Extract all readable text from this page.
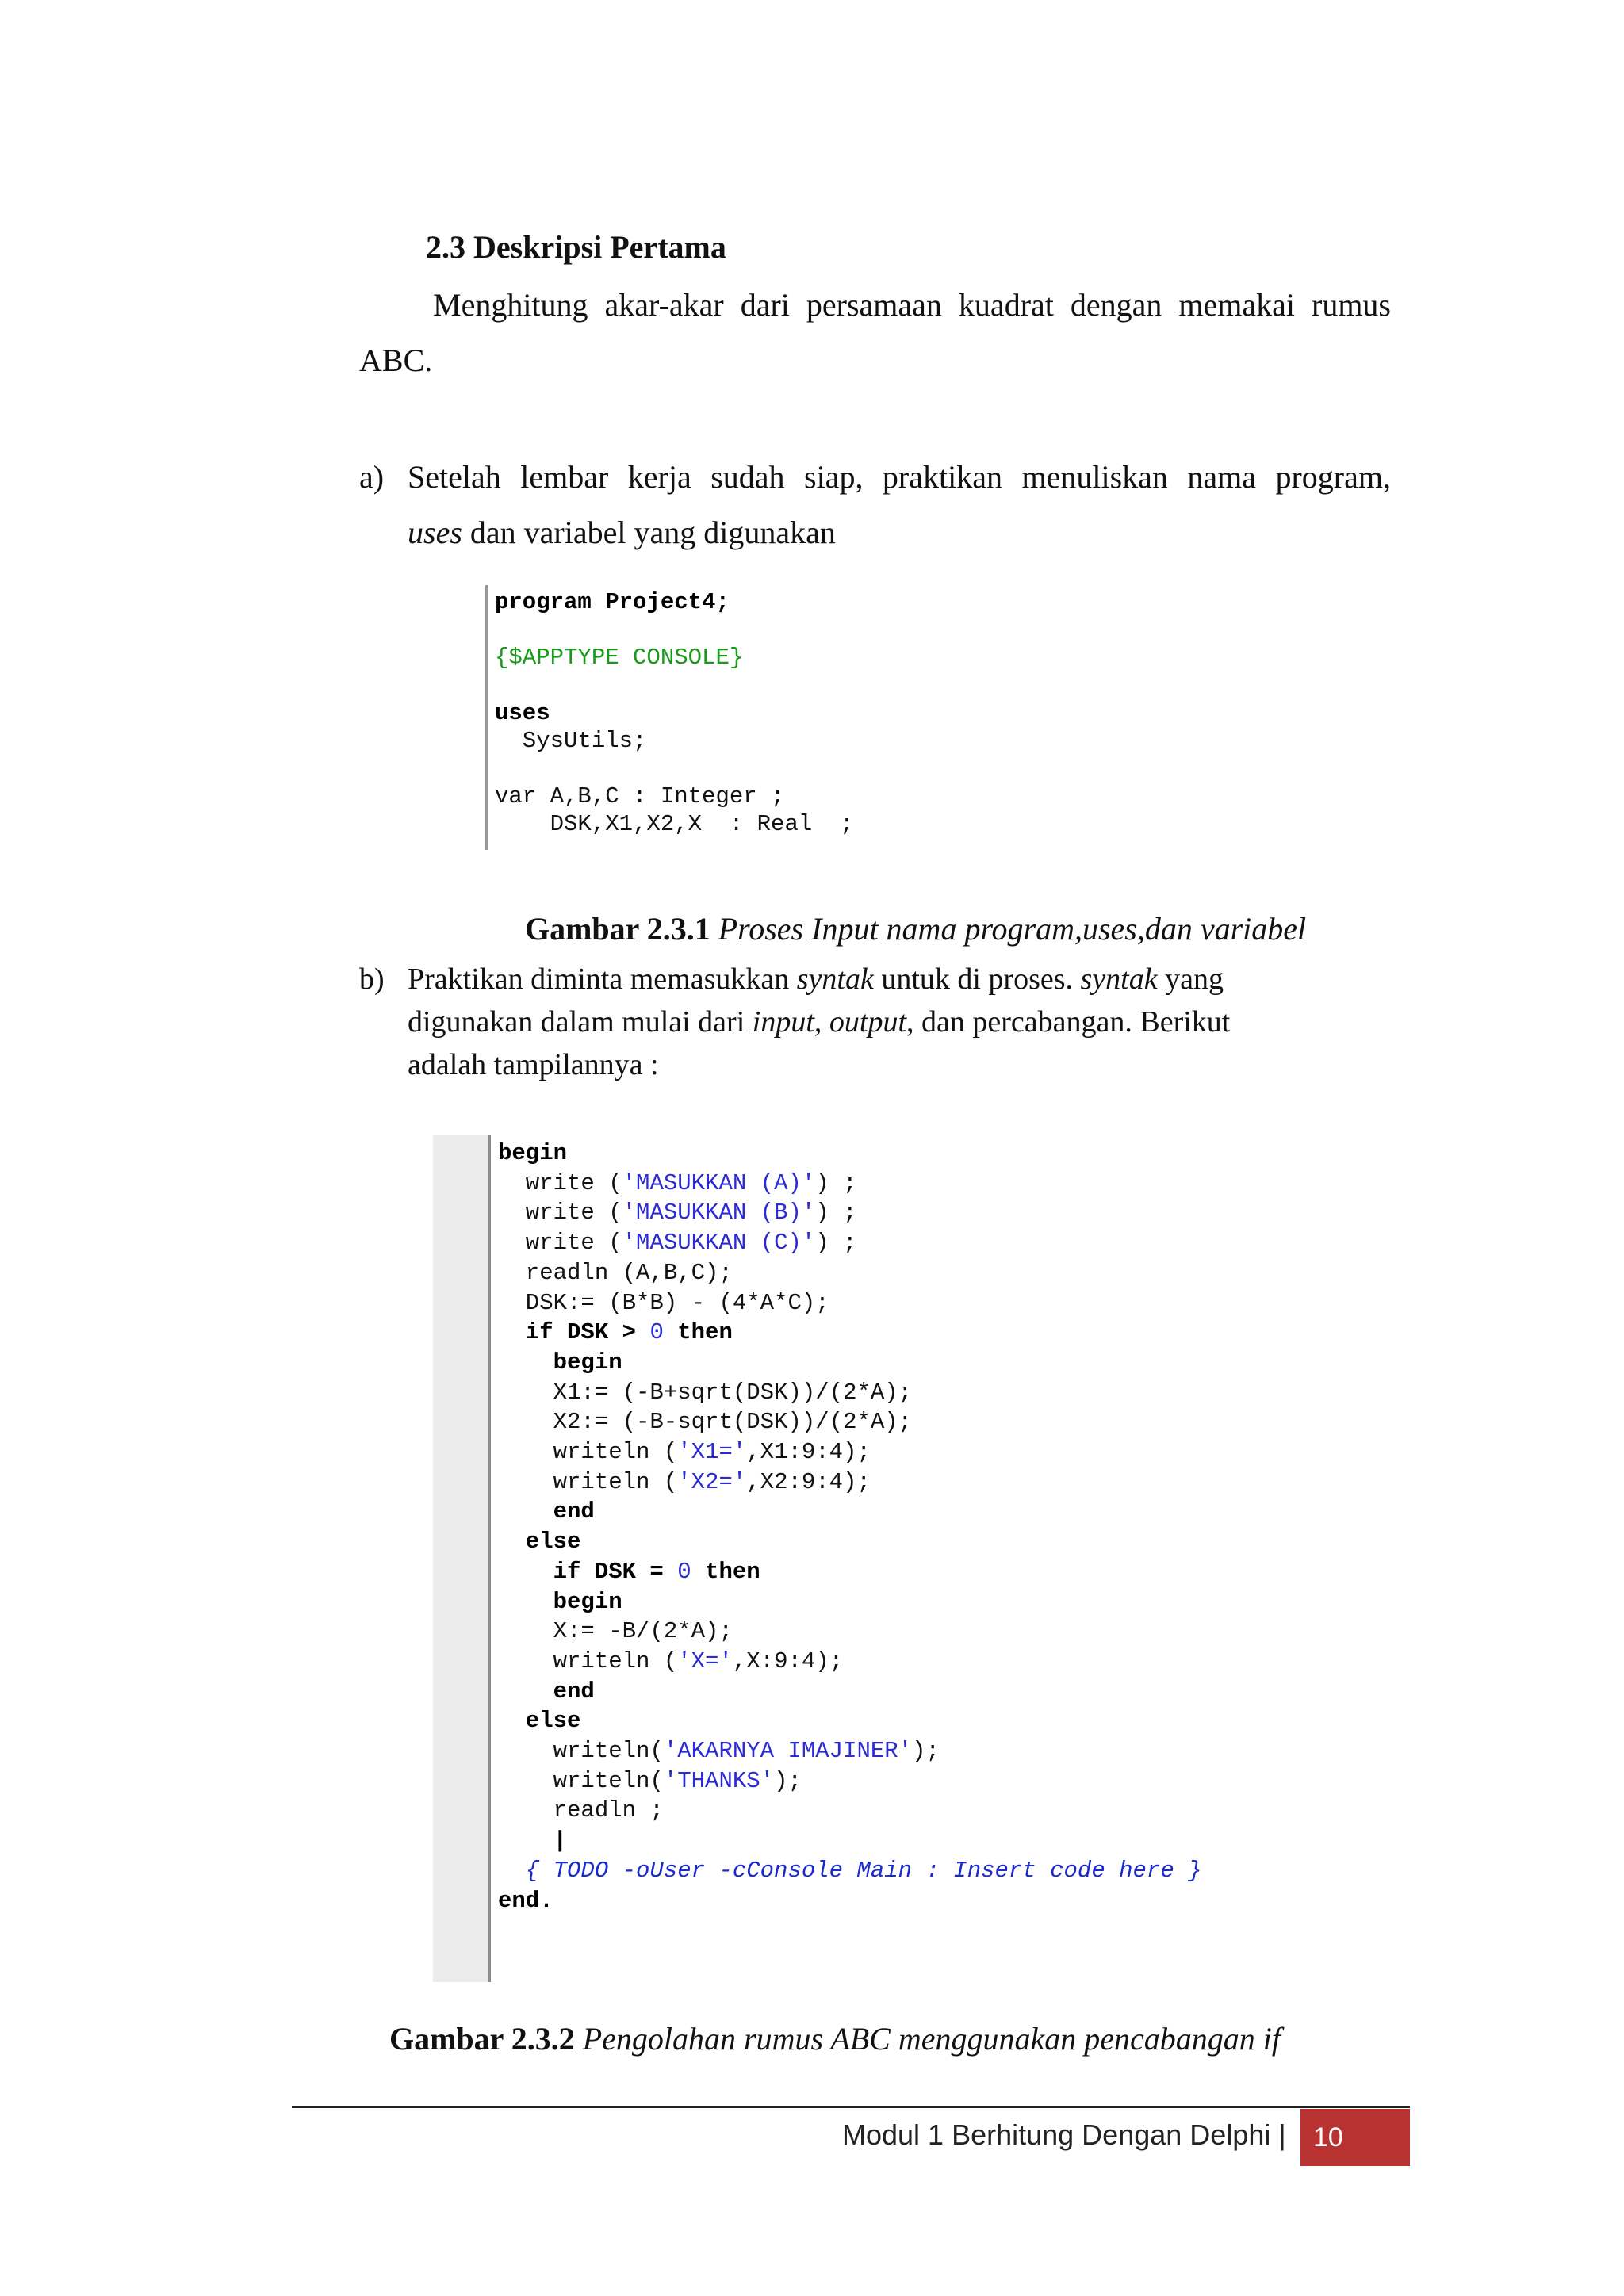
2.3 Deskripsi Pertama
Menghitung akar-akar dari persamaan kuadrat dengan memakai rumus
ABC.
a) Setelah lembar kerja sudah siap, praktikan menuliskan nama program,
uses dan variabel yang digunakan
program Project4;

{$APPTYPE CONSOLE}

uses
SysUtils;

var A,B,C : Integer ;
DSK,X1,X2,X  : Real  ;
Gambar 2.3.1 Proses Input nama program,uses,dan variabel
b) Praktikan diminta memasukkan syntak untuk di proses. syntak yang
digunakan dalam mulai dari input, output, dan percabangan. Berikut
adalah tampilannya :
begin
write ('MASUKKAN (A)') ;
write ('MASUKKAN (B)') ;
write ('MASUKKAN (C)') ;
readln (A,B,C);
DSK:= (B*B) - (4*A*C);
if DSK > 0 then
begin
X1:= (-B+sqrt(DSK))/(2*A);
X2:= (-B-sqrt(DSK))/(2*A);
writeln ('X1=',X1:9:4);
writeln ('X2=',X2:9:4);
end
else
if DSK = 0 then
begin
X:= -B/(2*A);
writeln ('X=',X:9:4);
end
else
writeln('AKARNYA IMAJINER');
writeln('THANKS');
readln ;
|
{ TODO -oUser -cConsole Main : Insert code here }
end.
Gambar 2.3.2 Pengolahan rumus ABC menggunakan pencabangan if
Modul 1 Berhitung Dengan Delphi |	10
